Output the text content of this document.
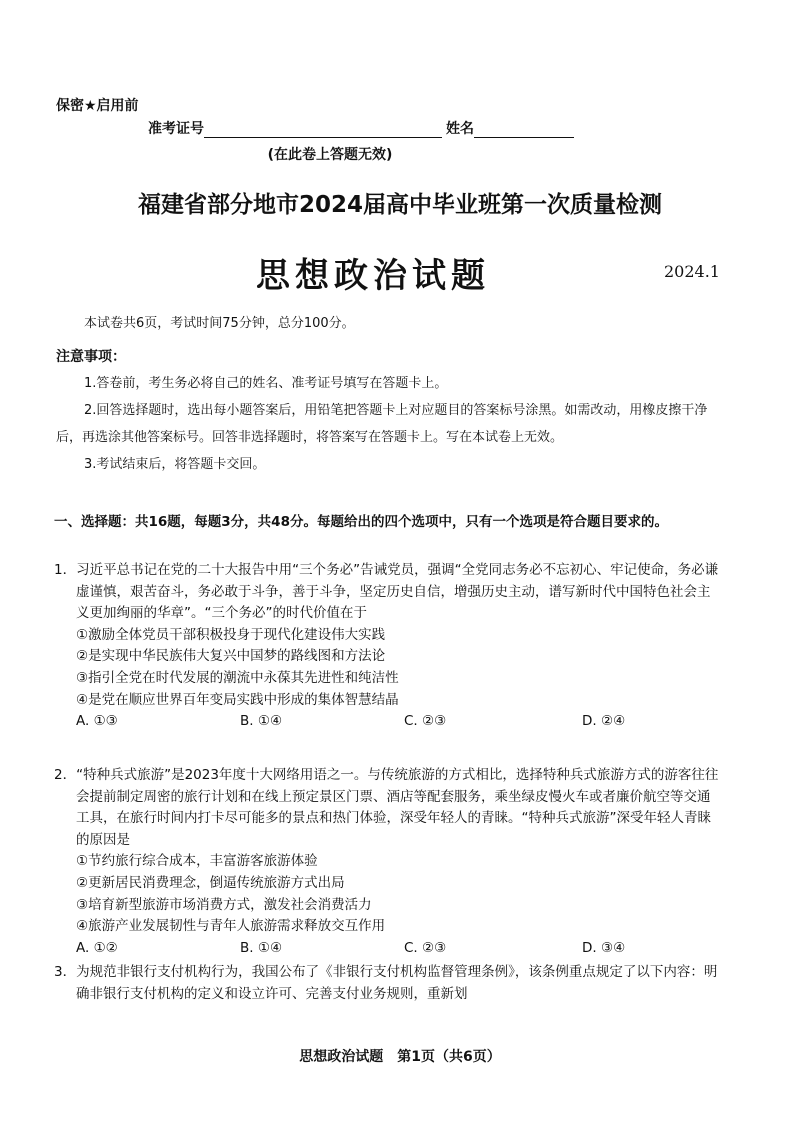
保密★启用前
准考证号	姓名
(在此卷上答题无效)
福建省部分地市2024届高中毕业班第一次质量检测
思想政治试题	2024.1
本试卷共6页，考试时间75分钟，总分100分。
注意事项：

1.答卷前，考生务必将自己的姓名、准考证号填写在答题卡上。

2.回答选择题时，选出每小题答案后，用铅笔把答题卡上对应题目的答案标号涂黑。如需改动，用橡皮擦干净后，再选涂其他答案标号。回答非选择题时，将答案写在答题卡上。写在本试卷上无效。

3.考试结束后，将答题卡交回。

一、选择题：共16题，每题3分，共48分。每题给出的四个选项中，只有一个选项是符合题目要求的。
1．习近平总书记在党的二十大报告中用“三个务必”告诫党员，强调“全党同志务必不忘初心、牢记使命，务必谦虚谨慎，艰苦奋斗，务必敢于斗争，善于斗争，坚定历史自信，增强历史主动，谱写新时代中国特色社会主义更加绚丽的华章”。“三个务必”的时代价值在于
①激励全体党员干部积极投身于现代化建设伟大实践
②是实现中华民族伟大复兴中国梦的路线图和方法论
③指引全党在时代发展的潮流中永葆其先进性和纯洁性
④是党在顺应世界百年变局实践中形成的集体智慧结晶
A. ①③	B. ①④	C. ②③	D. ②④
2．“特种兵式旅游”是2023年度十大网络用语之一。与传统旅游的方式相比，选择特种兵式旅游方式的游客往往会提前制定周密的旅行计划和在线上预定景区门票、酒店等配套服务，乘坐绿皮慢火车或者廉价航空等交通工具，在旅行时间内打卡尽可能多的景点和热门体验，深受年轻人的青睐。“特种兵式旅游”深受年轻人青睐的原因是
①节约旅行综合成本，丰富游客旅游体验
②更新居民消费理念，倒逼传统旅游方式出局
③培育新型旅游市场消费方式，激发社会消费活力
④旅游产业发展韧性与青年人旅游需求释放交互作用
A. ①②	B. ①④	C. ②③	D. ③④
3．为规范非银行支付机构行为，我国公布了《非银行支付机构监督管理条例》，该条例重点规定了以下内容：明确非银行支付机构的定义和设立许可、完善支付业务规则，重新划
思想政治试题　第1页（共6页）
